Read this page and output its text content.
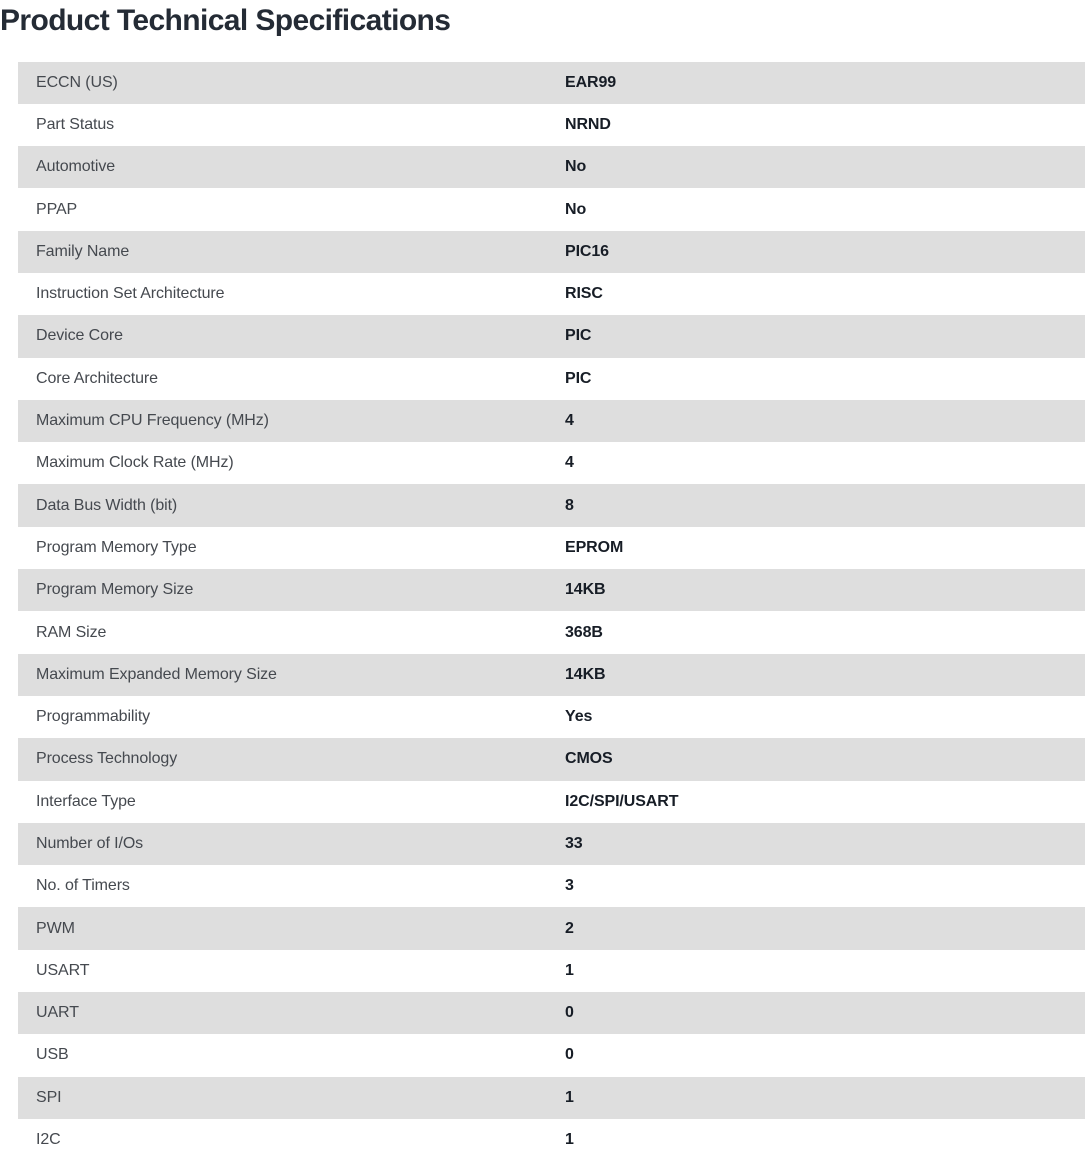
Product Technical Specifications
ECCN (US)	EAR99
Part Status	NRND
Automotive	No
PPAP	No
Family Name	PIC16
Instruction Set Architecture	RISC
Device Core	PIC
Core Architecture	PIC
Maximum CPU Frequency (MHz)	4
Maximum Clock Rate (MHz)	4
Data Bus Width (bit)	8
Program Memory Type	EPROM
Program Memory Size	14KB
RAM Size	368B
Maximum Expanded Memory Size	14KB
Programmability	Yes
Process Technology	CMOS
Interface Type	I2C/SPI/USART
Number of I/Os	33
No. of Timers	3
PWM	2
USART	1
UART	0
USB	0
SPI	1
I2C	1
